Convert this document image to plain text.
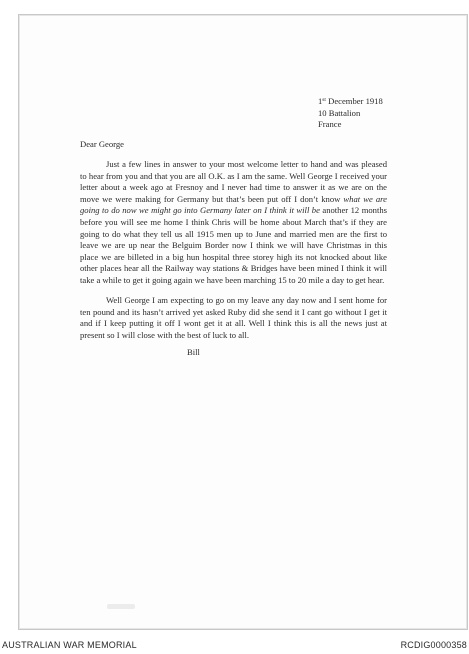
1st December 1918
10 Battalion
France
Dear George

Just a few lines in answer to your most welcome letter to hand and was pleased to hear from you and that you are all O.K. as I am the same. Well George I received your letter about a week ago at Fresnoy and I never had time to answer it as we are on the move we were making for Germany but that’s been put off I don’t know what we are going to do now we might go into Germany later on I think it will be another 12 months before you will see me home I think Chris will be home about March that’s if they are going to do what they tell us all 1915 men up to June and married men are the first to leave we are up near the Belguim Border now I think we will have Christmas in this place we are billeted in a big hun hospital three storey high its not knocked about like other places hear all the Railway way stations & Bridges have been mined I think it will take a while to get it going again we have been marching 15 to 20 mile a day to get hear.

Well George I am expecting to go on my leave any day now and I sent home for ten pound and its hasn’t arrived yet asked Ruby did she send it I cant go without I get it and if I keep putting it off I wont get it at all. Well I think this is all the news just at present so I will close with the best of luck to all.

Bill
AUSTRALIAN WAR MEMORIAL	RCDIG0000358
